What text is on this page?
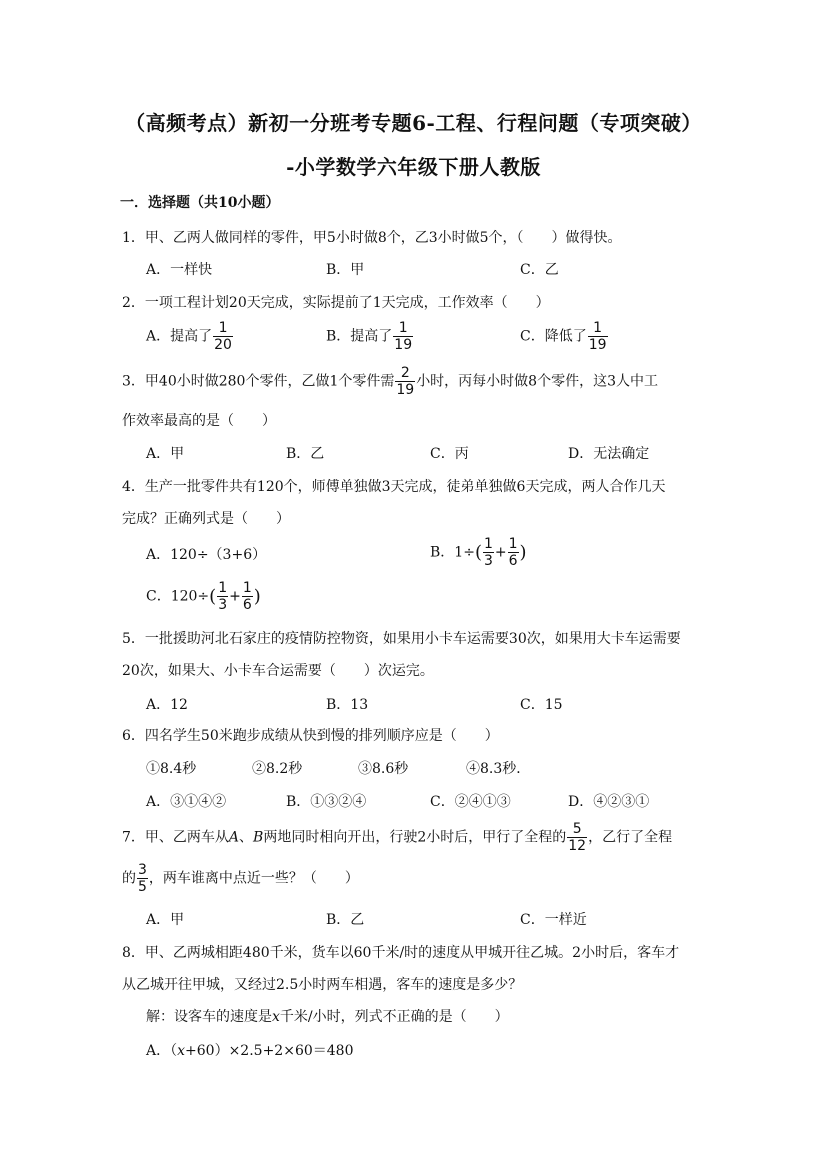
（高频考点）新初一分班考专题6-工程、行程问题（专项突破）
-小学数学六年级下册人教版
一．选择题（共10小题）
1．甲、乙两人做同样的零件，甲5小时做8个，乙3小时做5个，（　　）做得快。
A．一样快	B．甲	C．乙
2．一项工程计划20天完成，实际提前了1天完成，工作效率（　　）
A．提高了 $\frac{1}{20}$	B．提高了 $\frac{1}{19}$	C．降低了 $\frac{1}{19}$
3．甲40小时做280个零件，乙做1个零件需 $\frac{2}{19}$ 小时，丙每小时做8个零件，这3人中工
作效率最高的是（　　）
A．甲	B．乙	C．丙	D．无法确定
4．生产一批零件共有120个，师傅单独做3天完成，徒弟单独做6天完成，两人合作几天
完成？正确列式是（　　）
A．120÷（3+6）	B．$1\div( \frac{1}{3} + \frac{1}{6}$ )
C．$120\div( \frac{1}{3} + \frac{1}{6}$ )
5．一批援助河北石家庄的疫情防控物资，如果用小卡车运需要30次，如果用大卡车运需要
20次，如果大、小卡车合运需要（　　）次运完。
A．12	B．13	C．15
6．四名学生50米跑步成绩从快到慢的排列顺序应是（　　）
①8.4秒	②8.2秒	③8.6秒	④8.3秒．
A．③①④②	B．①③②④	C．②④①③	D．④②③①
7．甲、乙两车从A、B两地同时相向开出，行驶2小时后，甲行了全程的 $\frac{5}{12}$ ，乙行了全程
的 $\frac{3}{5}$ ，两车谁离中点近一些？（　　）
A．甲	B．乙	C．一样近
8．甲、乙两城相距480千米，货车以60千米/时的速度从甲城开往乙城。2小时后，客车才
从乙城开往甲城，又经过2.5小时两车相遇，客车的速度是多少？
解：设客车的速度是x千米/小时，列式不正确的是（　　）
A．（x+60）×2.5+2×60＝480
